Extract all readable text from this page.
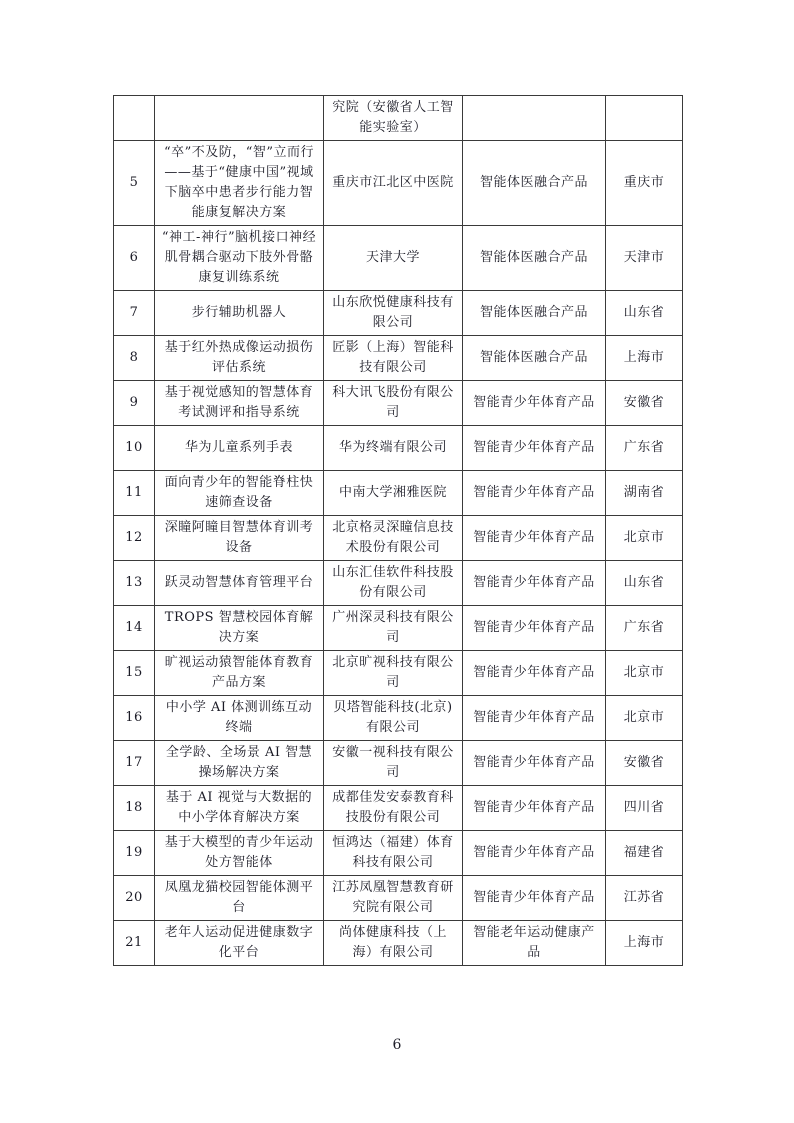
		究院（安徽省人工智能实验室）		
5	“卒”不及防，“智”立而行——基于“健康中国”视域下脑卒中患者步行能力智能康复解决方案	重庆市江北区中医院	智能体医融合产品	重庆市
6	“神工-神行”脑机接口神经肌骨耦合驱动下肢外骨骼康复训练系统	天津大学	智能体医融合产品	天津市
7	步行辅助机器人	山东欣悦健康科技有限公司	智能体医融合产品	山东省
8	基于红外热成像运动损伤评估系统	匠影（上海）智能科技有限公司	智能体医融合产品	上海市
9	基于视觉感知的智慧体育考试测评和指导系统	科大讯飞股份有限公司	智能青少年体育产品	安徽省
10	华为儿童系列手表	华为终端有限公司	智能青少年体育产品	广东省
11	面向青少年的智能脊柱快速筛查设备	中南大学湘雅医院	智能青少年体育产品	湖南省
12	深瞳阿瞳目智慧体育训考设备	北京格灵深瞳信息技术股份有限公司	智能青少年体育产品	北京市
13	跃灵动智慧体育管理平台	山东汇佳软件科技股份有限公司	智能青少年体育产品	山东省
14	TROPS 智慧校园体育解决方案	广州深灵科技有限公司	智能青少年体育产品	广东省
15	旷视运动猿智能体育教育产品方案	北京旷视科技有限公司	智能青少年体育产品	北京市
16	中小学 AI 体测训练互动终端	贝塔智能科技(北京)有限公司	智能青少年体育产品	北京市
17	全学龄、全场景 AI 智慧操场解决方案	安徽一视科技有限公司	智能青少年体育产品	安徽省
18	基于 AI 视觉与大数据的中小学体育解决方案	成都佳发安泰教育科技股份有限公司	智能青少年体育产品	四川省
19	基于大模型的青少年运动处方智能体	恒鸿达（福建）体育科技有限公司	智能青少年体育产品	福建省
20	凤凰龙猫校园智能体测平台	江苏凤凰智慧教育研究院有限公司	智能青少年体育产品	江苏省
21	老年人运动促进健康数字化平台	尚体健康科技（上海）有限公司	智能老年运动健康产品	上海市
6
